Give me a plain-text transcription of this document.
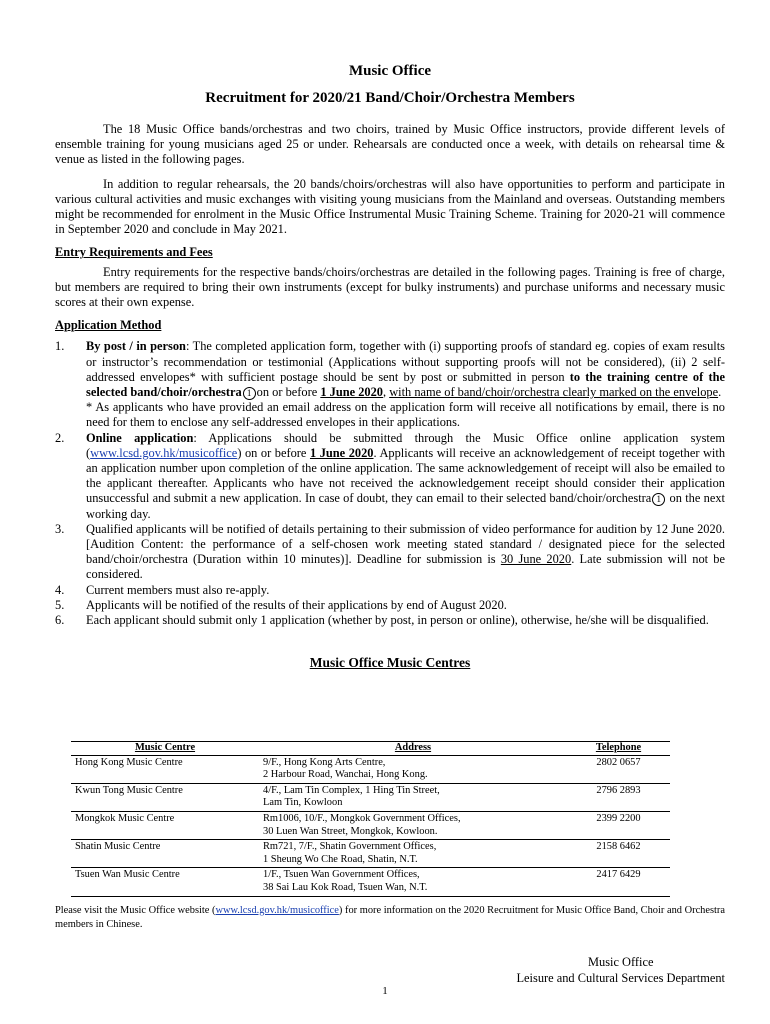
Music Office
Recruitment for 2020/21 Band/Choir/Orchestra Members

The 18 Music Office bands/orchestras and two choirs, trained by Music Office instructors, provide different levels of ensemble training for young musicians aged 25 or under. Rehearsals are conducted once a week, with details on rehearsal time & venue as listed in the following pages.

In addition to regular rehearsals, the 20 bands/choirs/orchestras will also have opportunities to perform and participate in various cultural activities and music exchanges with visiting young musicians from the Mainland and overseas. Outstanding members might be recommended for enrolment in the Music Office Instrumental Music Training Scheme. Training for 2020-21 will commence in September 2020 and conclude in May 2021.

Entry Requirements and Fees

Entry requirements for the respective bands/choirs/orchestras are detailed in the following pages. Training is free of charge, but members are required to bring their own instruments (except for bulky instruments) and purchase uniforms and necessary music scores at their own expense.

Application Method
1. By post / in person: The completed application form, together with (i) supporting proofs of standard eg. copies of exam results or instructor’s recommendation or testimonial (Applications without supporting proofs will not be considered), (ii) 2 self-addressed envelopes* with sufficient postage should be sent by post or submitted in person to the training centre of the selected band/choir/orchestra 1 on or before 1 June 2020, with name of band/choir/orchestra clearly marked on the envelope.
* As applicants who have provided an email address on the application form will receive all notifications by email, there is no need for them to enclose any self-addressed envelopes in their applications.
2. Online application: Applications should be submitted through the Music Office online application system (www.lcsd.gov.hk/musicoffice) on or before 1 June 2020. Applicants will receive an acknowledgement of receipt together with an application number upon completion of the online application. The same acknowledgement of receipt will also be emailed to the applicant thereafter. Applicants who have not received the acknowledgement receipt should consider their application unsuccessful and submit a new application. In case of doubt, they can email to their selected band/choir/orchestra 1 on the next working day.
3. Qualified applicants will be notified of details pertaining to their submission of video performance for audition by 12 June 2020. [Audition Content: the performance of a self-chosen work meeting stated standard / designated piece for the selected band/choir/orchestra (Duration within 10 minutes)]. Deadline for submission is 30 June 2020. Late submission will not be considered.
4. Current members must also re-apply.
5. Applicants will be notified of the results of their applications by end of August 2020.
6. Each applicant should submit only 1 application (whether by post, in person or online), otherwise, he/she will be disqualified.
Music Office Music Centres
Music Centre	Address	Telephone
Hong Kong Music Centre	9/F., Hong Kong Arts Centre,
2 Harbour Road, Wanchai, Hong Kong.	2802 0657
Kwun Tong Music Centre	4/F., Lam Tin Complex, 1 Hing Tin Street,
Lam Tin, Kowloon	2796 2893
Mongkok Music Centre	Rm1006, 10/F., Mongkok Government Offices,
30 Luen Wan Street, Mongkok, Kowloon.	2399 2200
Shatin Music Centre	Rm721, 7/F., Shatin Government Offices,
1 Sheung Wo Che Road, Shatin, N.T.	2158 6462
Tsuen Wan Music Centre	1/F., Tsuen Wan Government Offices,
38 Sai Lau Kok Road, Tsuen Wan, N.T.	2417 6429
Please visit the Music Office website (www.lcsd.gov.hk/musicoffice) for more information on the 2020 Recruitment for Music Office Band, Choir and Orchestra members in Chinese.
Music Office
Leisure and Cultural Services Department
1
